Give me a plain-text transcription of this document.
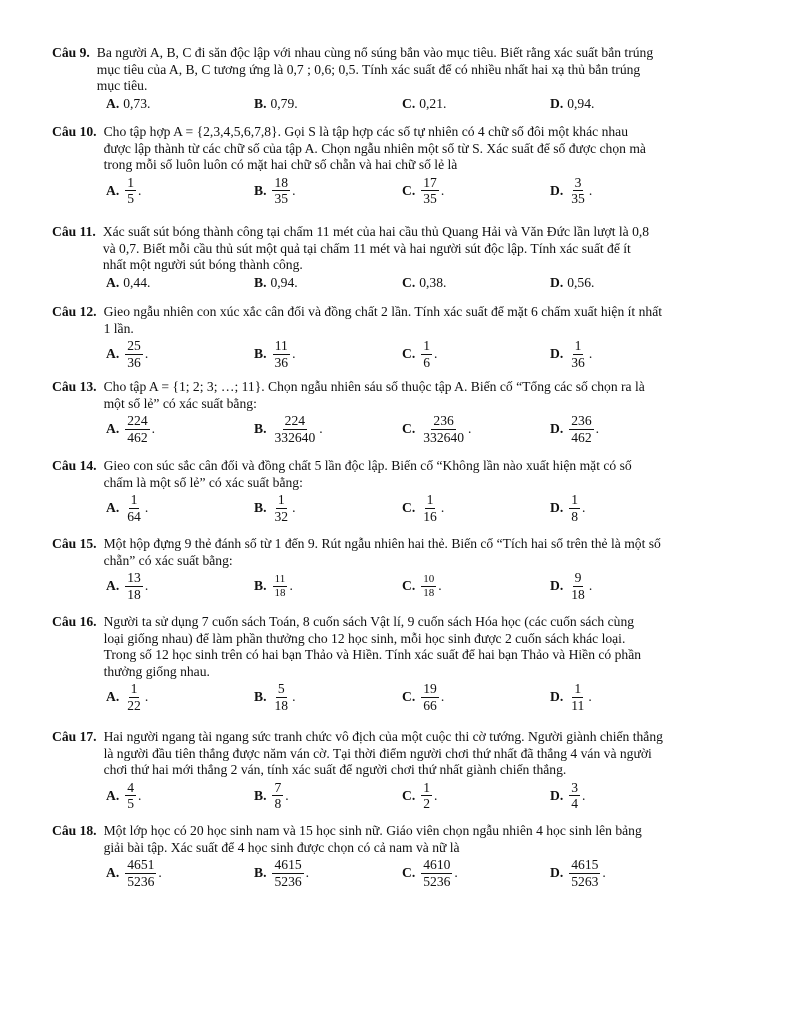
Câu 9. Ba người A, B, C đi săn độc lập với nhau cùng nổ súng bắn vào mục tiêu. Biết rằng xác suất bắn trúng

mục tiêu của A, B, C tương ứng là 0,7 ; 0,6; 0,5. Tính xác suất để có nhiều nhất hai xạ thủ bắn trúng

mục tiêu.

A. 0,73.	B. 0,79.	C. 0,21.	D. 0,94.
Câu 10. Cho tập hợp A = {2,3,4,5,6,7,8}. Gọi S là tập hợp các số tự nhiên có 4 chữ số đôi một khác nhau

được lập thành từ các chữ số của tập A. Chọn ngẫu nhiên một số từ S. Xác suất để số được chọn mà

trong mỗi số luôn luôn có mặt hai chữ số chẵn và hai chữ số lẻ là

A. $\frac{1}{5}$ .	B. $\frac{18}{35}$ .	C. $\frac{17}{35}$ .	D. $\frac{3}{35}$ .
Câu 11. Xác suất sút bóng thành công tại chấm 11 mét của hai cầu thủ Quang Hải và Văn Đức lần lượt là 0,8

và 0,7. Biết mỗi cầu thủ sút một quả tại chấm 11 mét và hai người sút độc lập. Tính xác suất để ít

nhất một người sút bóng thành công.

A. 0,44.	B. 0,94.	C. 0,38.	D. 0,56.
Câu 12. Gieo ngẫu nhiên con xúc xắc cân đối và đồng chất 2 lần. Tính xác suất để mặt 6 chấm xuất hiện ít nhất

1 lần.

A. $\frac{25}{36}$ .	B. $\frac{11}{36}$ .	C. $\frac{1}{6}$ .	D. $\frac{1}{36}$ .
Câu 13. Cho tập A = {1; 2; 3; …; 11}. Chọn ngẫu nhiên sáu số thuộc tập A. Biến cố “Tổng các số chọn ra là

một số lẻ” có xác suất bằng:

A. $\frac{224}{462}$ .	B. $\frac{224}{332640}$ .	C. $\frac{236}{332640}$ .	D. $\frac{236}{462}$ .
Câu 14. Gieo con súc sắc cân đối và đồng chất 5 lần độc lập. Biến cố “Không lần nào xuất hiện mặt có số

chấm là một số lẻ” có xác suất bằng:

A. $\frac{1}{64}$ .	B. $\frac{1}{32}$ .	C. $\frac{1}{16}$ .	D. $\frac{1}{8}$ .
Câu 15. Một hộp đựng 9 thẻ đánh số từ 1 đến 9. Rút ngẫu nhiên hai thẻ. Biến cố “Tích hai số trên thẻ là một số

chẵn” có xác suất bằng:

A. $\frac{13}{18}$ .	B. $\frac{11}{18}$ .	C. $\frac{10}{18}$ .	D. $\frac{9}{18}$ .
Câu 16. Người ta sử dụng 7 cuốn sách Toán, 8 cuốn sách Vật lí, 9 cuốn sách Hóa học (các cuốn sách cùng

loại giống nhau) để làm phần thưởng cho 12 học sinh, mỗi học sinh được 2 cuốn sách khác loại.

Trong số 12 học sinh trên có hai bạn Thảo và Hiền. Tính xác suất để hai bạn Thảo và Hiền có phần

thưởng giống nhau.

A. $\frac{1}{22}$ .	B. $\frac{5}{18}$ .	C. $\frac{19}{66}$ .	D. $\frac{1}{11}$ .
Câu 17. Hai người ngang tài ngang sức tranh chức vô địch của một cuộc thi cờ tướng. Người giành chiến thắng

là người đầu tiên thắng được năm ván cờ. Tại thời điểm người chơi thứ nhất đã thắng 4 ván và người

chơi thứ hai mới thắng 2 ván, tính xác suất để người chơi thứ nhất giành chiến thắng.

A. $\frac{4}{5}$ .	B. $\frac{7}{8}$ .	C. $\frac{1}{2}$ .	D. $\frac{3}{4}$ .
Câu 18. Một lớp học có 20 học sinh nam và 15 học sinh nữ. Giáo viên chọn ngẫu nhiên 4 học sinh lên bảng

giải bài tập. Xác suất để 4 học sinh được chọn có cả nam và nữ là

A. $\frac{4651}{5236}$ .	B. $\frac{4615}{5236}$ .	C. $\frac{4610}{5236}$ .	D. $\frac{4615}{5263}$ .
